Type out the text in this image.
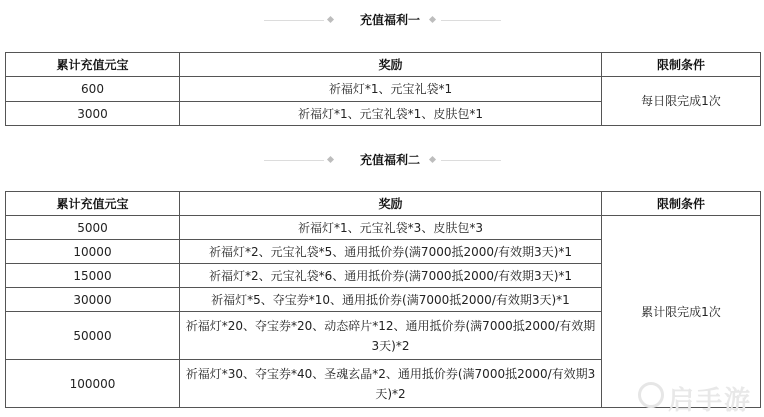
充值福利一
累计充值元宝	奖励	限制条件
600	祈福灯*1、元宝礼袋*1	每日限完成1次
3000	祈福灯*1、元宝礼袋*1、皮肤包*1	
充值福利二
累计充值元宝	奖励	限制条件
5000	祈福灯*1、元宝礼袋*3、皮肤包*3	累计限完成1次
10000	祈福灯*2、元宝礼袋*5、通用抵价券(满7000抵2000/有效期3天)*1	
15000	祈福灯*2、元宝礼袋*6、通用抵价券(满7000抵2000/有效期3天)*1	
30000	祈福灯*5、夺宝券*10、通用抵价券(满7000抵2000/有效期3天)*1	
50000	祈福灯*20、夺宝券*20、动态碎片*12、通用抵价券(满7000抵2000/有效期3天)*2	
100000	祈福灯*30、夺宝券*40、圣魂玄晶*2、通用抵价券(满7000抵2000/有效期3天)*2		启手游
